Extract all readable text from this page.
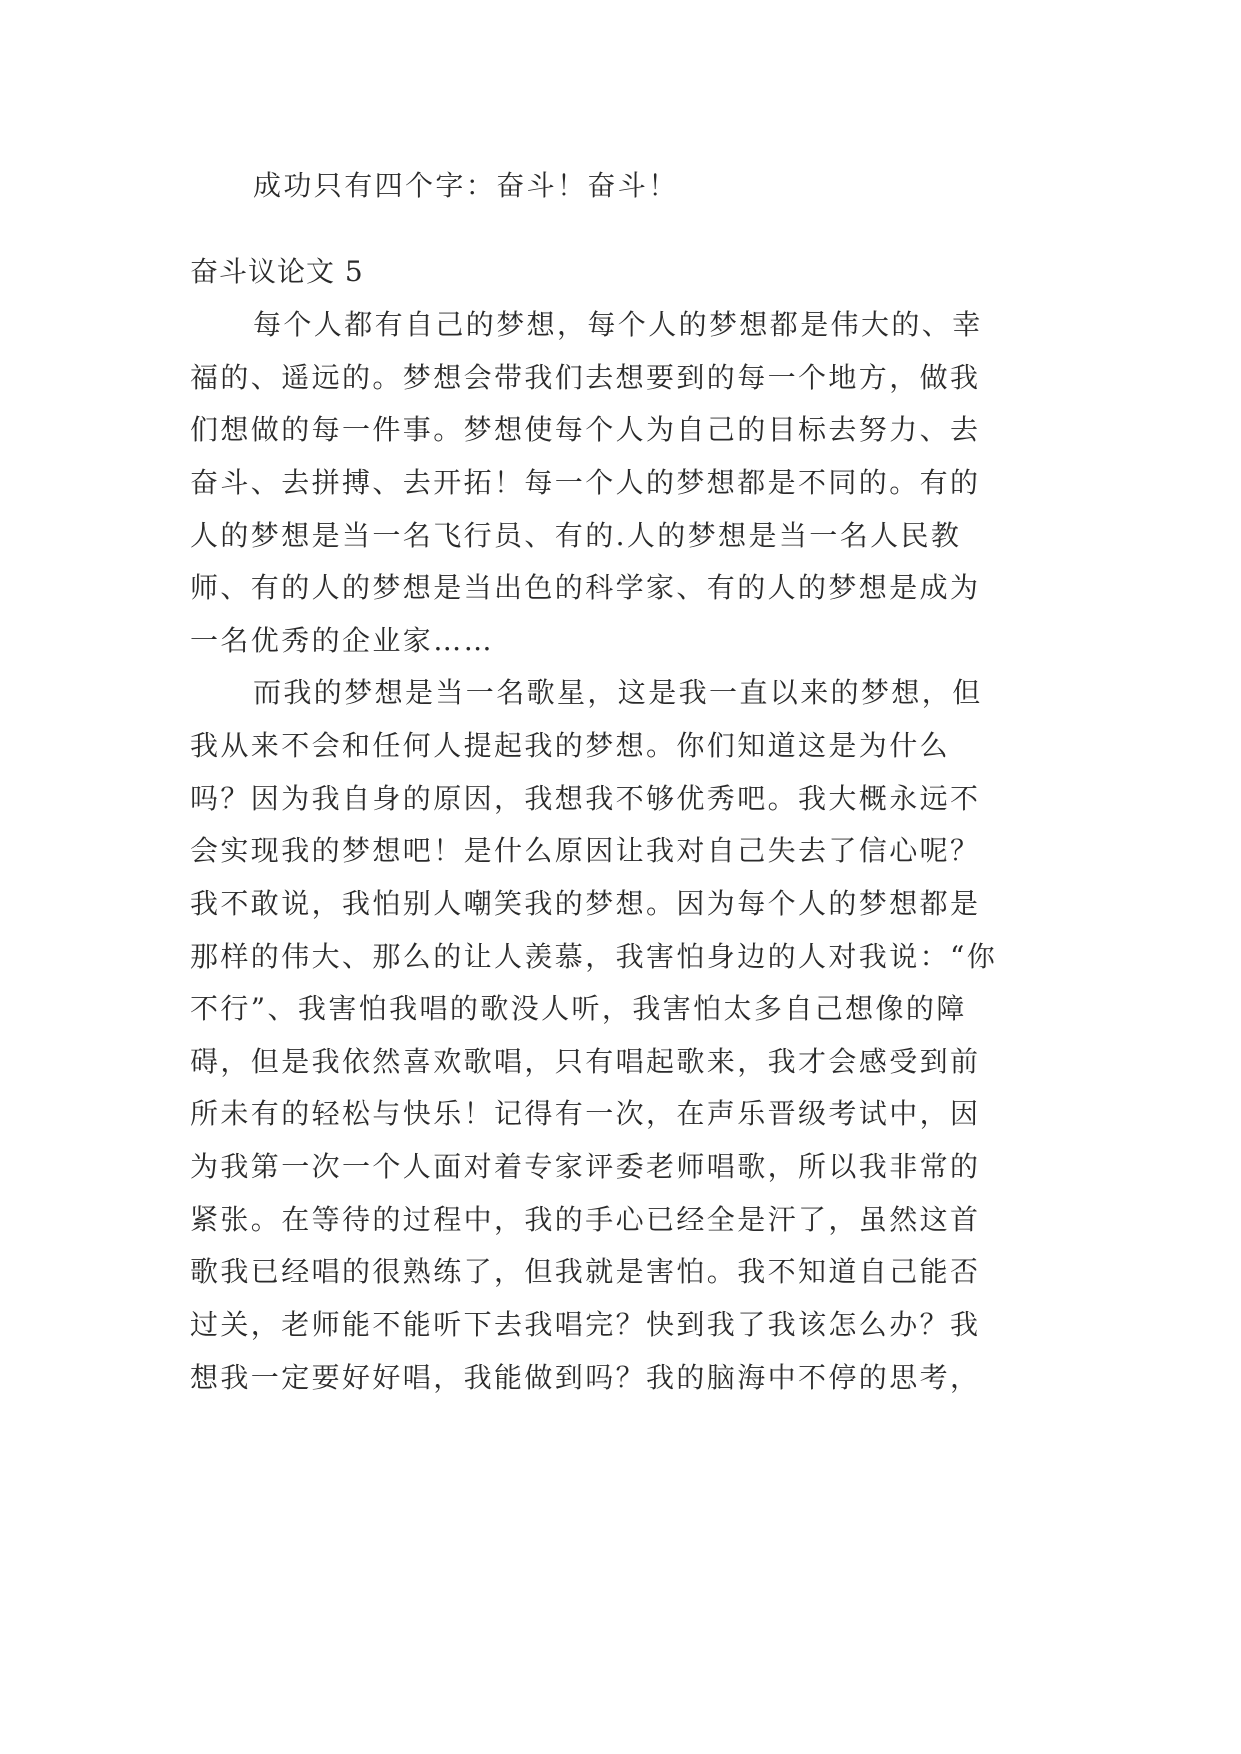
成功只有四个字：奋斗！奋斗！

奋斗议论文 5

每个人都有自己的梦想，每个人的梦想都是伟大的、幸

福的、遥远的。梦想会带我们去想要到的每一个地方，做我

们想做的每一件事。梦想使每个人为自己的目标去努力、去

奋斗、去拼搏、去开拓！每一个人的梦想都是不同的。有的

人的梦想是当一名飞行员、有的.人的梦想是当一名人民教

师、有的人的梦想是当出色的科学家、有的人的梦想是成为

一名优秀的企业家……

而我的梦想是当一名歌星，这是我一直以来的梦想，但

我从来不会和任何人提起我的梦想。你们知道这是为什么

吗？因为我自身的原因，我想我不够优秀吧。我大概永远不

会实现我的梦想吧！是什么原因让我对自己失去了信心呢？

我不敢说，我怕别人嘲笑我的梦想。因为每个人的梦想都是

那样的伟大、那么的让人羡慕，我害怕身边的人对我说：“你

不行”、我害怕我唱的歌没人听，我害怕太多自己想像的障

碍，但是我依然喜欢歌唱，只有唱起歌来，我才会感受到前

所未有的轻松与快乐！记得有一次，在声乐晋级考试中，因

为我第一次一个人面对着专家评委老师唱歌，所以我非常的

紧张。在等待的过程中，我的手心已经全是汗了，虽然这首

歌我已经唱的很熟练了，但我就是害怕。我不知道自己能否

过关，老师能不能听下去我唱完？快到我了我该怎么办？我

想我一定要好好唱，我能做到吗？我的脑海中不停的思考，
